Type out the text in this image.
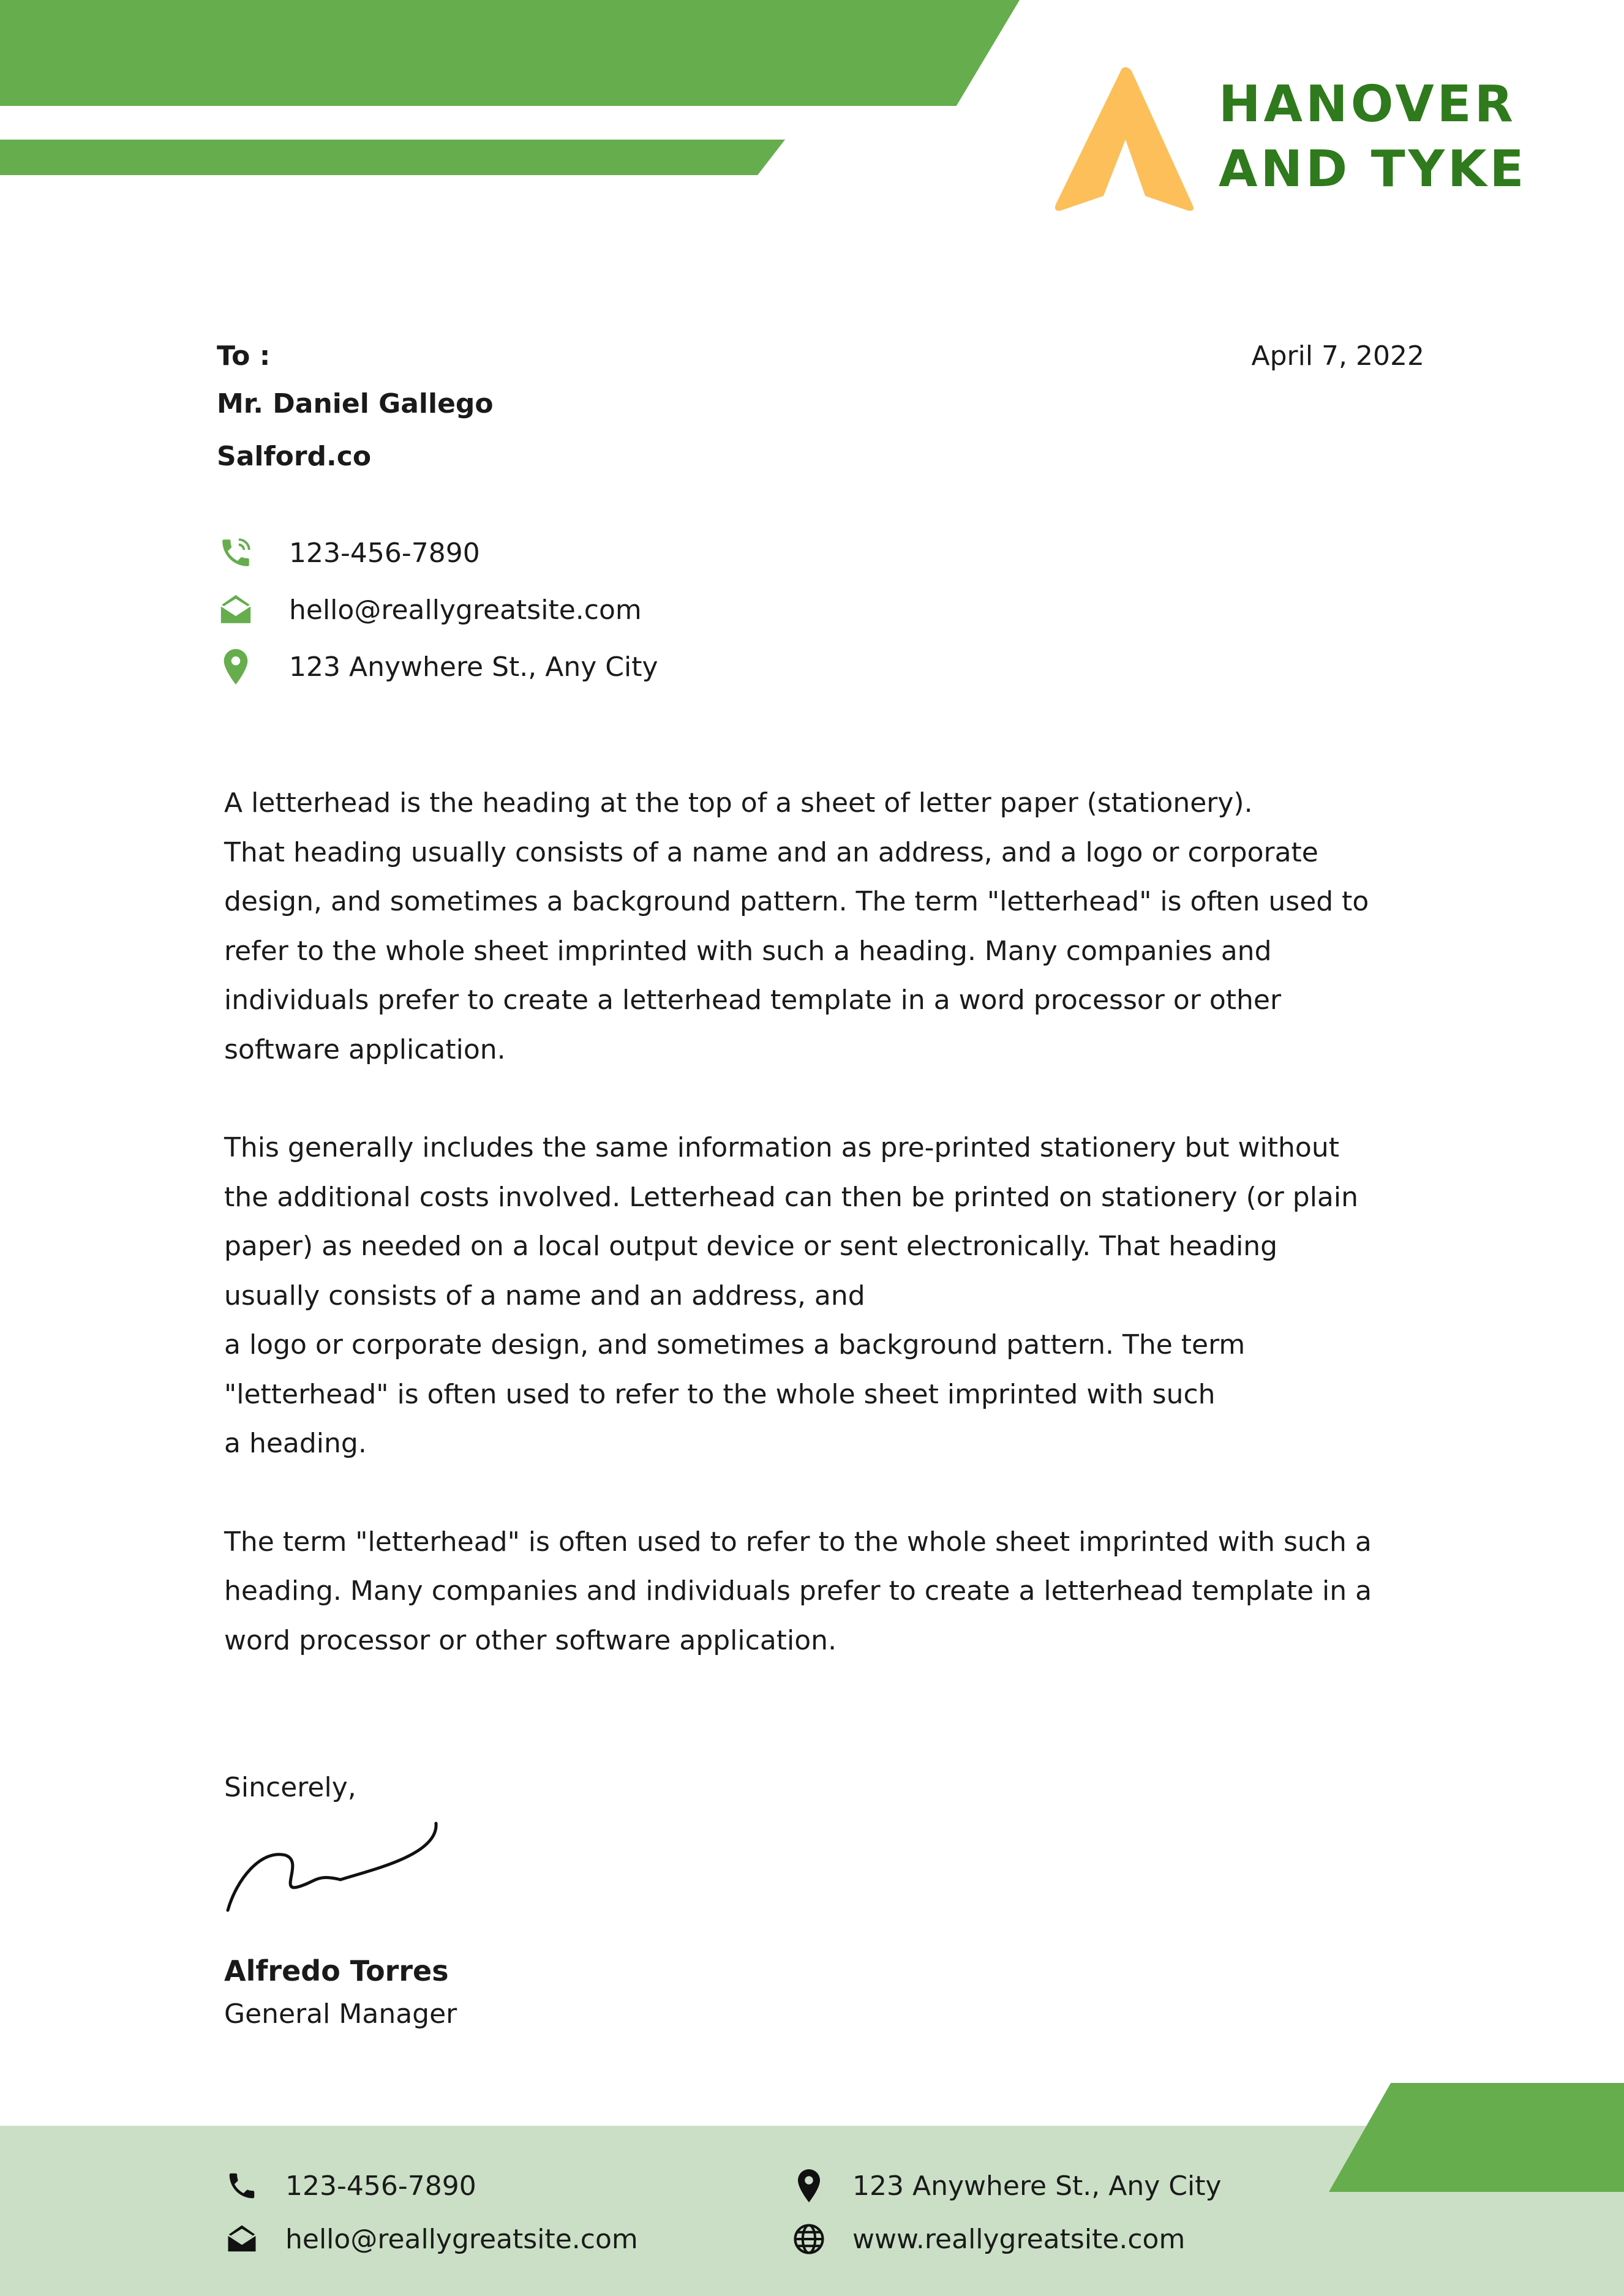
HANOVER
AND TYKE
To :
Mr. Daniel Gallego
Salford.co
April 7, 2022
123-456-7890
hello@reallygreatsite.com
123 Anywhere St., Any City

A letterhead is the heading at the top of a sheet of letter paper (stationery).
That heading usually consists of a name and an address, and a logo or corporate
design, and sometimes a background pattern. The term "letterhead" is often used to
refer to the whole sheet imprinted with such a heading. Many companies and
individuals prefer to create a letterhead template in a word processor or other
software application.

This generally includes the same information as pre-printed stationery but without
the additional costs involved. Letterhead can then be printed on stationery (or plain
paper) as needed on a local output device or sent electronically. That heading
usually consists of a name and an address, and
a logo or corporate design, and sometimes a background pattern. The term
"letterhead" is often used to refer to the whole sheet imprinted with such
a heading.

The term "letterhead" is often used to refer to the whole sheet imprinted with such a
heading. Many companies and individuals prefer to create a letterhead template in a
word processor or other software application.

Sincerely,
Alfredo Torres
General Manager
123-456-7890
hello@reallygreatsite.com
123 Anywhere St., Any City
www.reallygreatsite.com
